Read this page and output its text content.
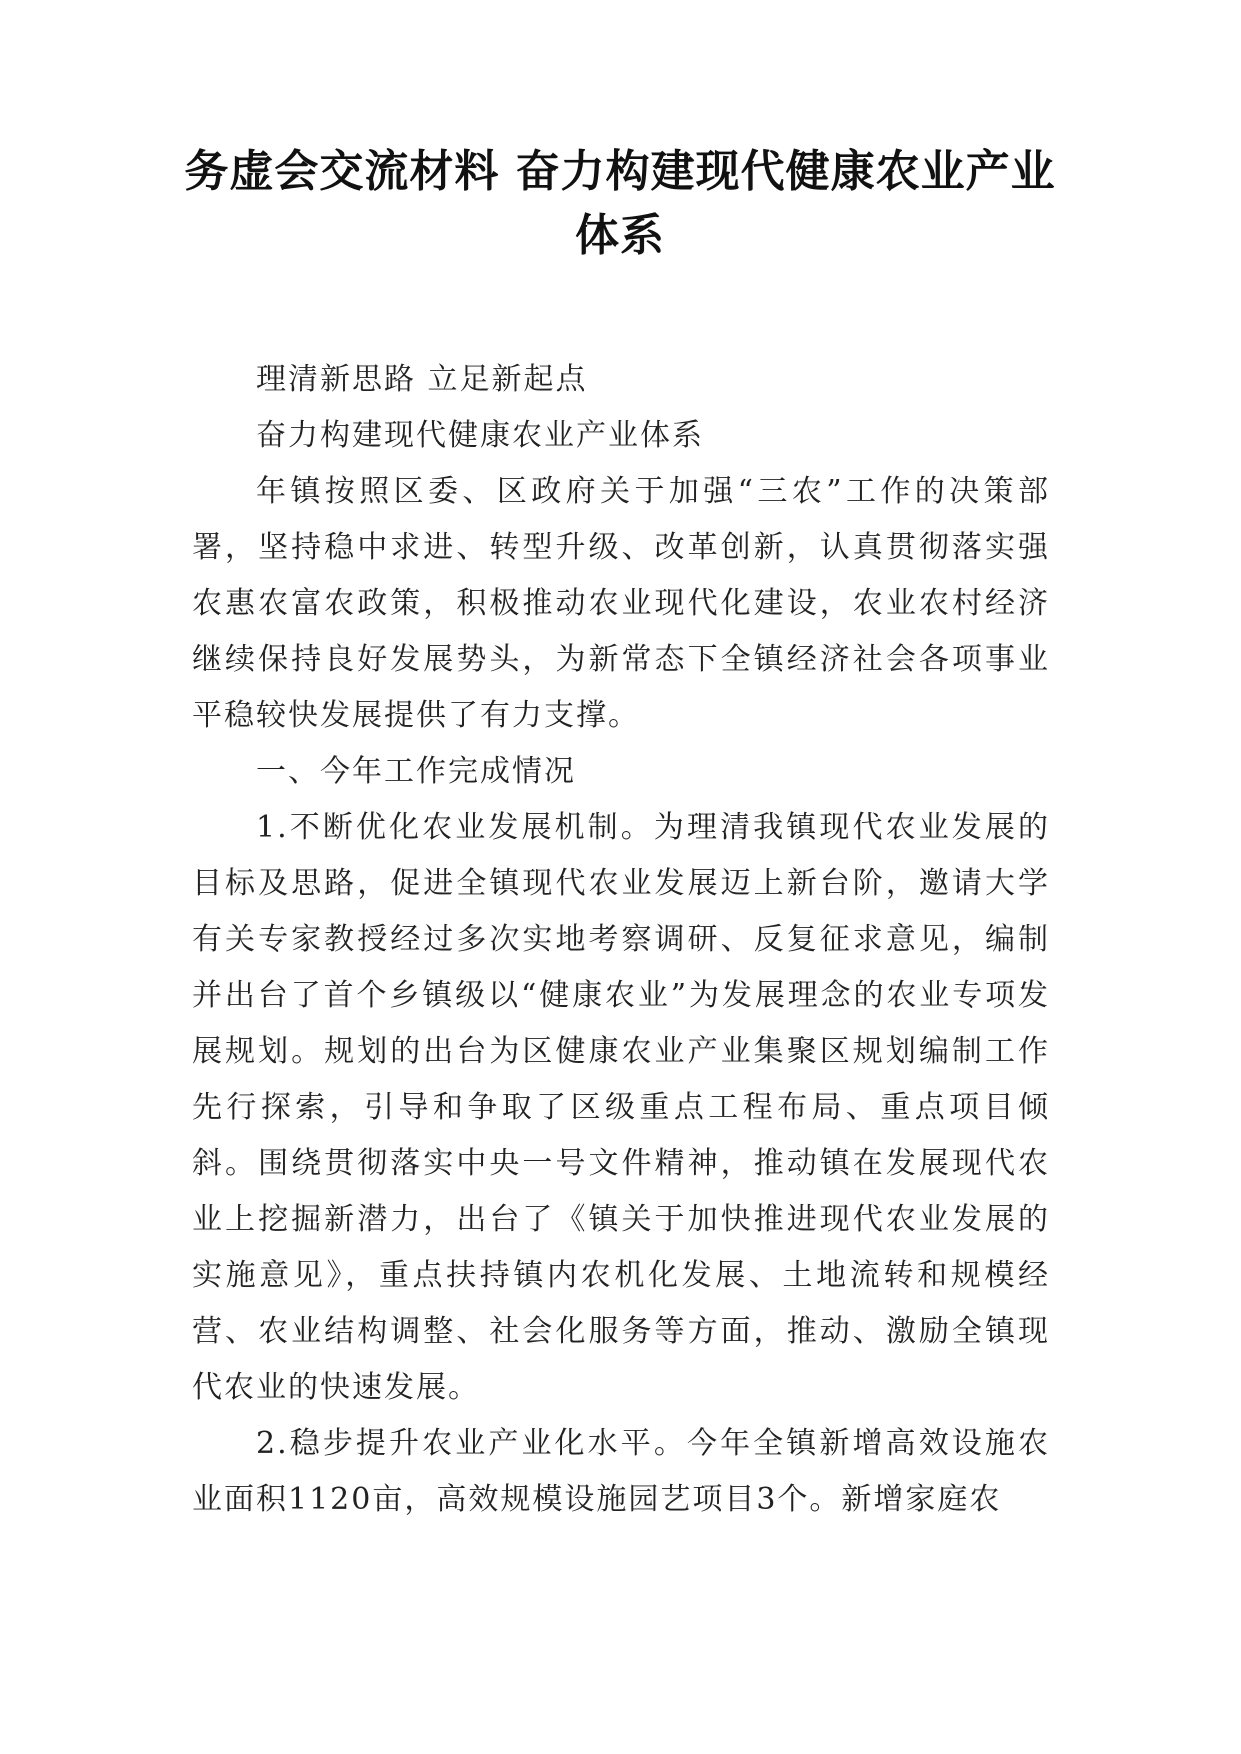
务虚会交流材料 奋力构建现代健康农业产业体系

理清新思路 立足新起点

奋力构建现代健康农业产业体系

年镇按照区委、区政府关于加强“三农”工作的决策部署，坚持稳中求进、转型升级、改革创新，认真贯彻落实强农惠农富农政策，积极推动农业现代化建设，农业农村经济继续保持良好发展势头，为新常态下全镇经济社会各项事业平稳较快发展提供了有力支撑。

一、今年工作完成情况

1.不断优化农业发展机制。为理清我镇现代农业发展的目标及思路，促进全镇现代农业发展迈上新台阶，邀请大学有关专家教授经过多次实地考察调研、反复征求意见，编制并出台了首个乡镇级以“健康农业”为发展理念的农业专项发展规划。规划的出台为区健康农业产业集聚区规划编制工作先行探索，引导和争取了区级重点工程布局、重点项目倾斜。围绕贯彻落实中央一号文件精神，推动镇在发展现代农业上挖掘新潜力，出台了《镇关于加快推进现代农业发展的实施意见》，重点扶持镇内农机化发展、土地流转和规模经营、农业结构调整、社会化服务等方面，推动、激励全镇现代农业的快速发展。

2.稳步提升农业产业化水平。今年全镇新增高效设施农业面积1120亩，高效规模设施园艺项目3个。新增家庭农
